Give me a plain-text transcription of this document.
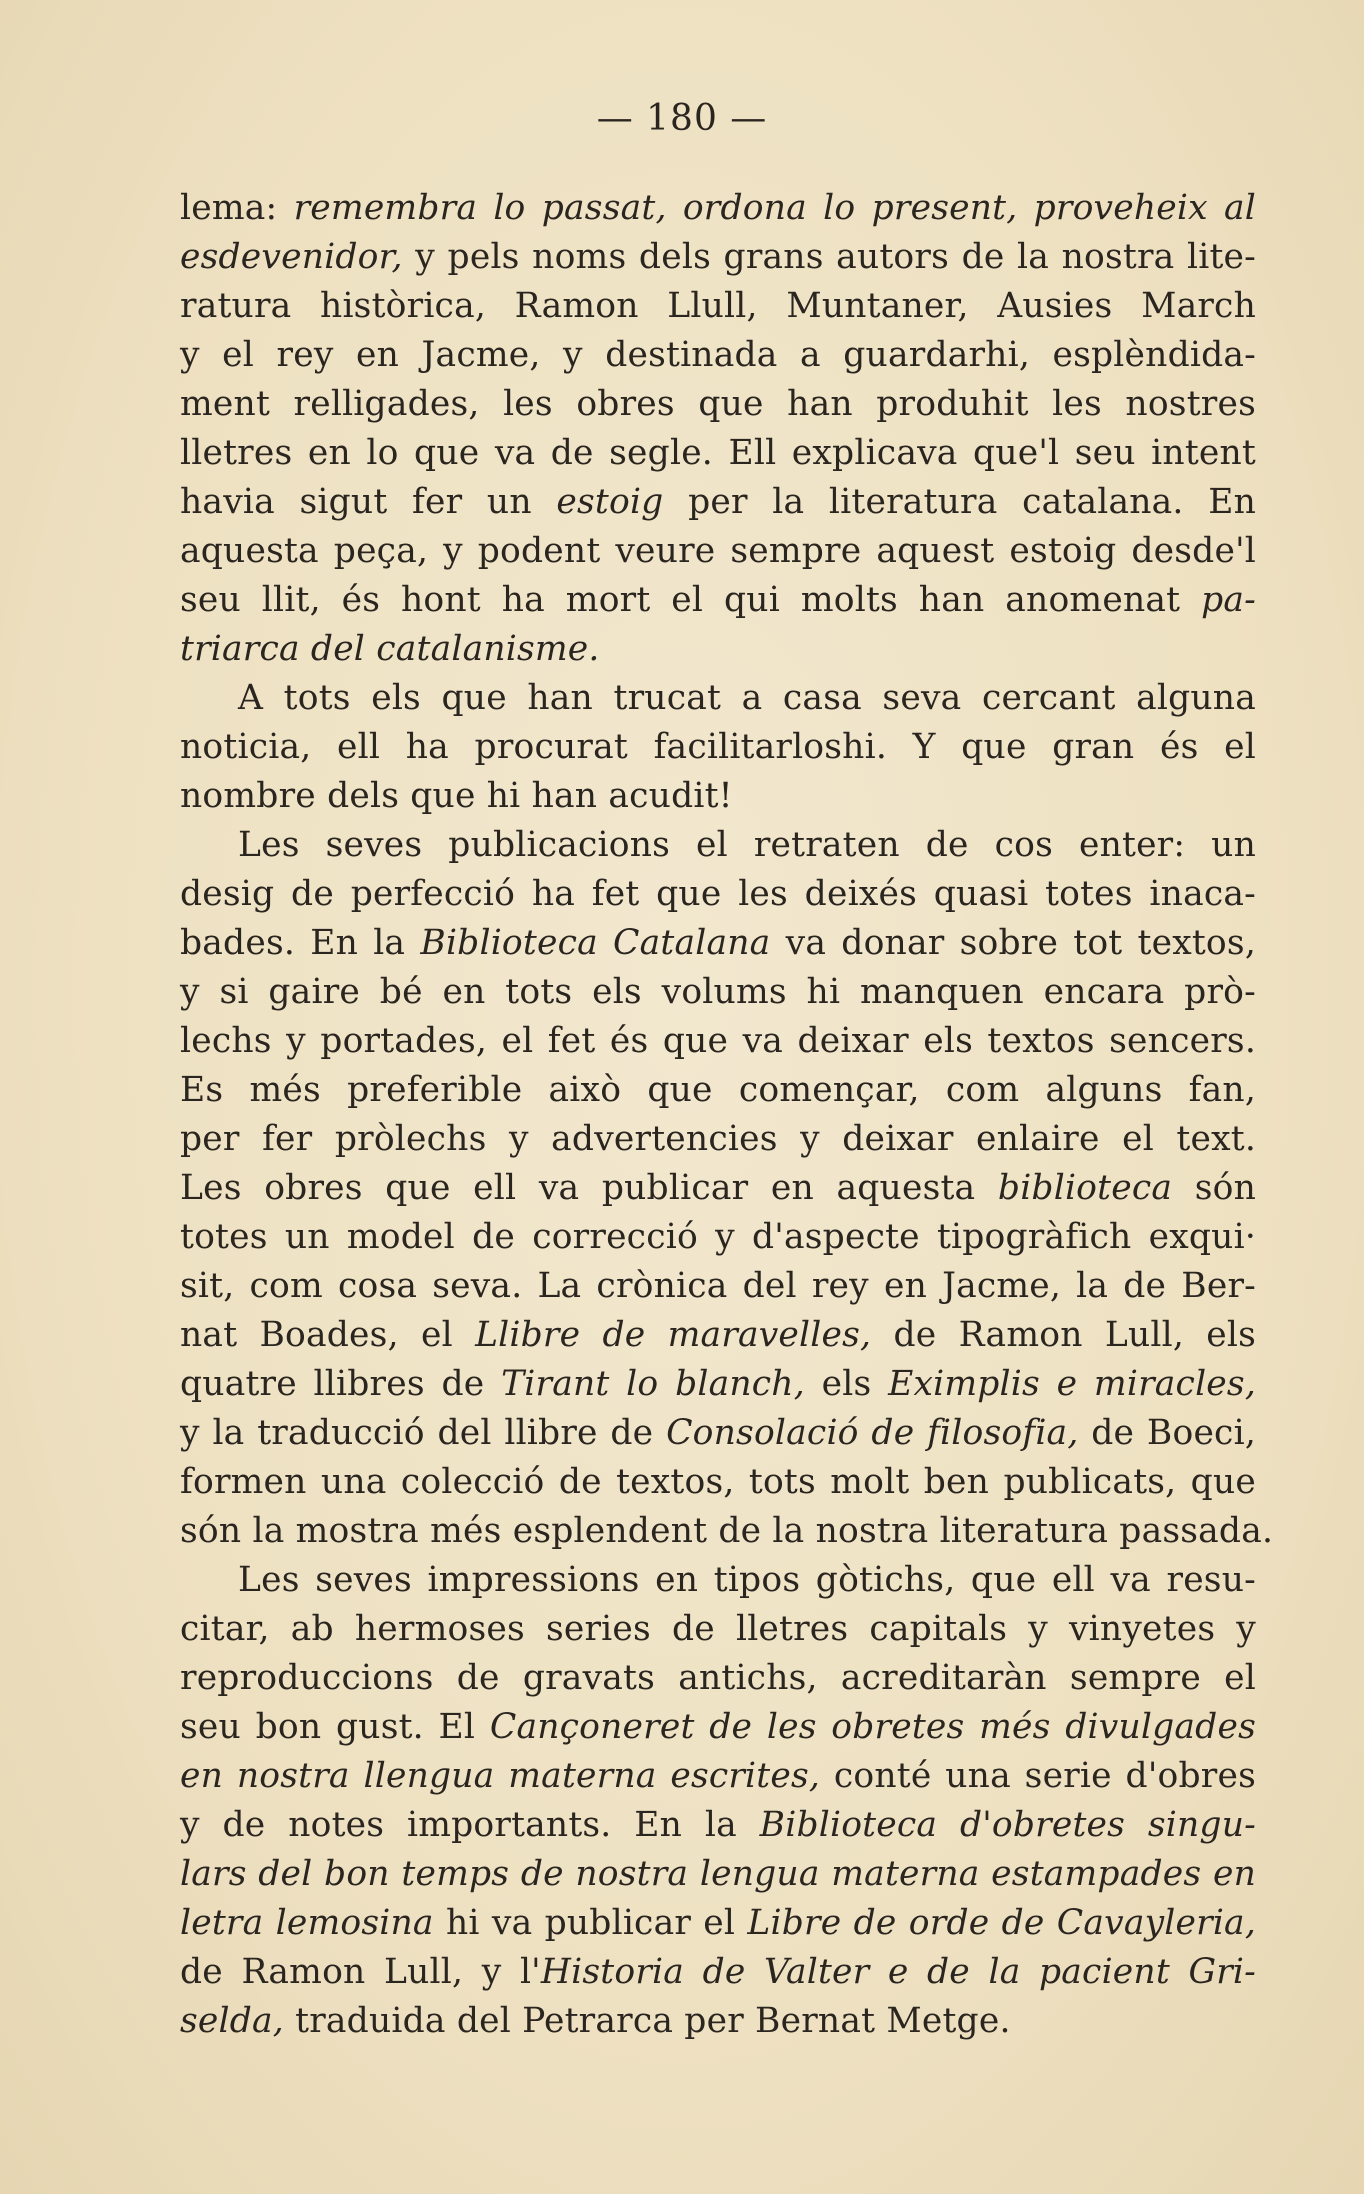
— 180 —
lema: remembra lo passat, ordona lo present, proveheix al
esdevenidor, y pels noms dels grans autors de la nostra lite-
ratura històrica, Ramon Llull, Muntaner, Ausies March
y el rey en Jacme, y destinada a guardarhi, esplèndida-
ment relligades, les obres que han produhit les nostres
lletres en lo que va de segle. Ell explicava que'l seu intent
havia sigut fer un estoig per la literatura catalana. En
aquesta peça, y podent veure sempre aquest estoig desde'l
seu llit, és hont ha mort el qui molts han anomenat pa-
triarca del catalanisme.
A tots els que han trucat a casa seva cercant alguna
noticia, ell ha procurat facilitarloshi. Y que gran és el
nombre dels que hi han acudit!
Les seves publicacions el retraten de cos enter: un
desig de perfecció ha fet que les deixés quasi totes inaca-
bades. En la Biblioteca Catalana va donar sobre tot textos,
y si gaire bé en tots els volums hi manquen encara prò-
lechs y portades, el fet és que va deixar els textos sencers.
Es més preferible això que començar, com alguns fan,
per fer pròlechs y advertencies y deixar enlaire el text.
Les obres que ell va publicar en aquesta biblioteca són
totes un model de correcció y d'aspecte tipogràfich exqui·
sit, com cosa seva. La crònica del rey en Jacme, la de Ber-
nat Boades, el Llibre de maravelles, de Ramon Lull, els
quatre llibres de Tirant lo blanch, els Eximplis e miracles,
y la traducció del llibre de Consolació de filosofia, de Boeci,
formen una colecció de textos, tots molt ben publicats, que
són la mostra més esplendent de la nostra literatura passada.
Les seves impressions en tipos gòtichs, que ell va resu-
citar, ab hermoses series de lletres capitals y vinyetes y
reproduccions de gravats antichs, acreditaràn sempre el
seu bon gust. El Cançoneret de les obretes més divulgades
en nostra llengua materna escrites, conté una serie d'obres
y de notes importants. En la Biblioteca d'obretes singu-
lars del bon temps de nostra lengua materna estampades en
letra lemosina hi va publicar el Libre de orde de Cavayleria,
de Ramon Lull, y l'Historia de Valter e de la pacient Gri-
selda, traduida del Petrarca per Bernat Metge.
